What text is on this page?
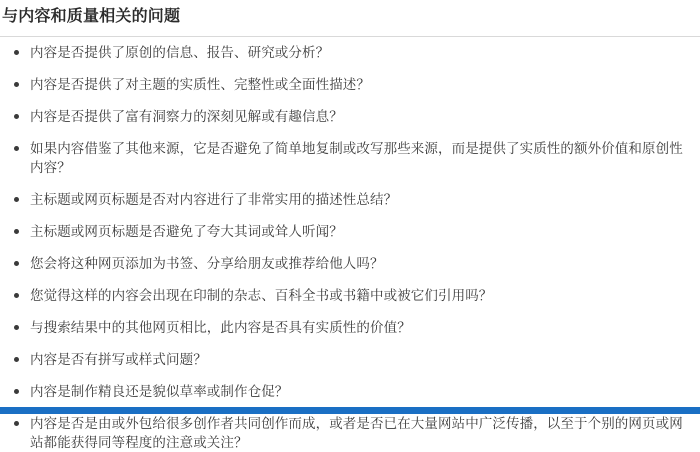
与内容和质量相关的问题
内容是否提供了原创的信息、报告、研究或分析？
内容是否提供了对主题的实质性、完整性或全面性描述？
内容是否提供了富有洞察力的深刻见解或有趣信息？
如果内容借鉴了其他来源，它是否避免了简单地复制或改写那些来源，而是提供了实质性的额外价值和原创性内容？
主标题或网页标题是否对内容进行了非常实用的描述性总结？
主标题或网页标题是否避免了夸大其词或耸人听闻？
您会将这种网页添加为书签、分享给朋友或推荐给他人吗？
您觉得这样的内容会出现在印制的杂志、百科全书或书籍中或被它们引用吗？
与搜索结果中的其他网页相比，此内容是否具有实质性的价值？
内容是否有拼写或样式问题？
内容是制作精良还是貌似草率或制作仓促？
内容是否是由或外包给很多创作者共同创作而成，或者是否已在大量网站中广泛传播，以至于个别的网页或网站都能获得同等程度的注意或关注？
